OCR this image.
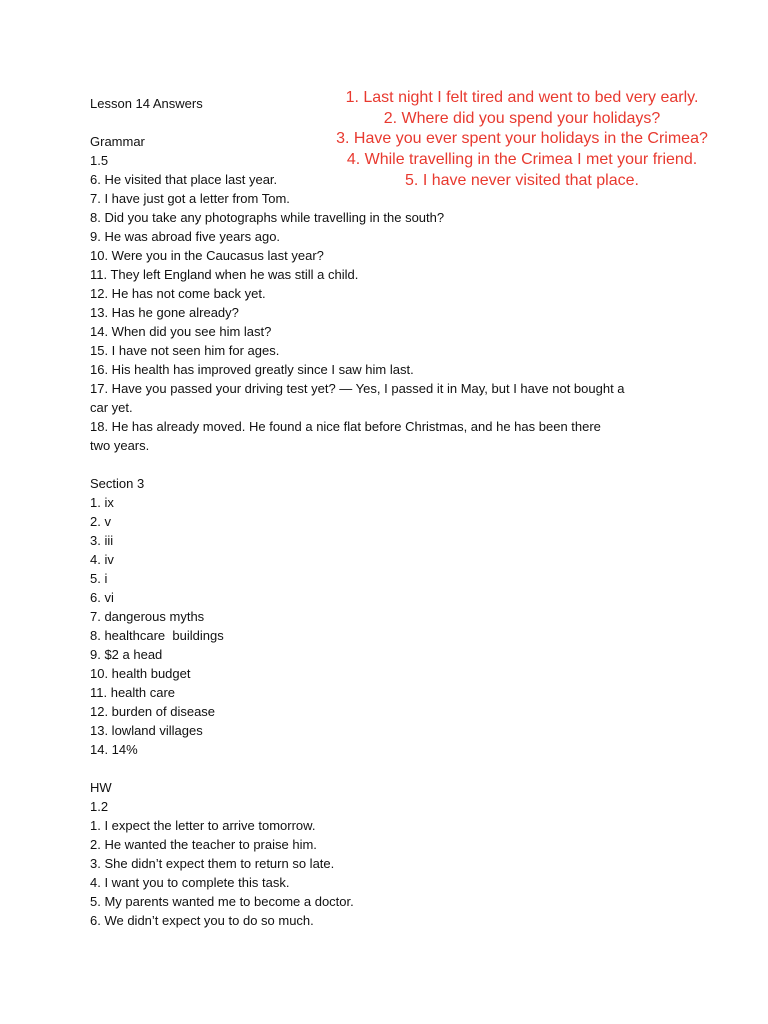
Lesson 14 Answers
Grammar
1.5
6. He visited that place last year.
7. I have just got a letter from Tom.
8. Did you take any photographs while travelling in the south?
9. He was abroad five years ago.
10. Were you in the Caucasus last year?
11. They left England when he was still a child.
12. He has not come back yet.
13. Has he gone already?
14. When did you see him last?
15. I have not seen him for ages.
16. His health has improved greatly since I saw him last.
17. Have you passed your driving test yet? — Yes, I passed it in May, but I have not bought a
car yet.
18. He has already moved. He found a nice flat before Christmas, and he has been there
two years.
Section 3
1. ix
2. v
3. iii
4. iv
5. i
6. vi
7. dangerous myths
8. healthcare  buildings
9. $2 a head
10. health budget
11. health care
12. burden of disease
13. lowland villages
14. 14%
HW
1.2
1. I expect the letter to arrive tomorrow.
2. He wanted the teacher to praise him.
3. She didn’t expect them to return so late.
4. I want you to complete this task.
5. My parents wanted me to become a doctor.
6. We didn’t expect you to do so much.
1. Last night I felt tired and went to bed very early.
2. Where did you spend your holidays?
3. Have you ever spent your holidays in the Crimea?
4. While travelling in the Crimea I met your friend.
5. I have never visited that place.
